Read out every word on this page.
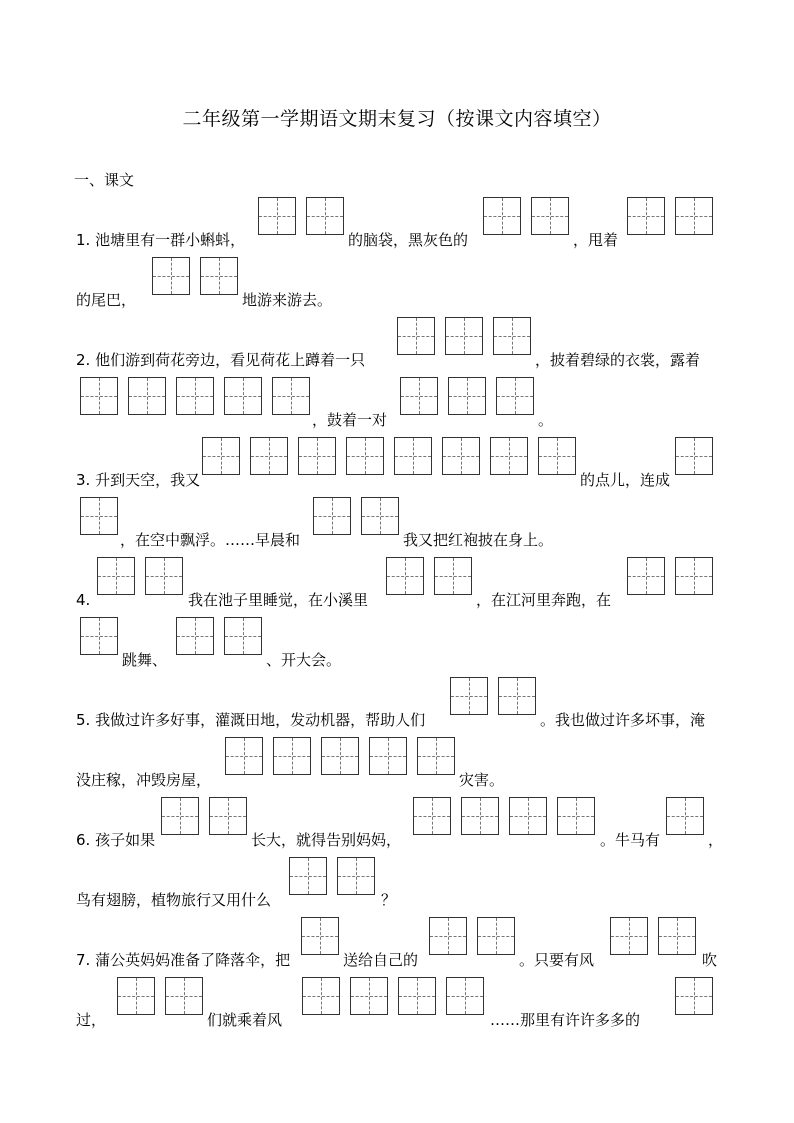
二年级第一学期语文期末复习（按课文内容填空）
一、课文
1. 池塘里有一群小蝌蚪，	的脑袋，黑灰色的	，甩着
的尾巴，	地游来游去。
2. 他们游到荷花旁边，看见荷花上蹲着一只	，披着碧绿的衣裳，露着
，鼓着一对	。
3. 升到天空，我又	的点儿，连成
，在空中飘浮。……早晨和	我又把红袍披在身上。
4.	我在池子里睡觉，在小溪里	，在江河里奔跑，在
跳舞、	、开大会。
5. 我做过许多好事，灌溉田地，发动机器，帮助人们	。我也做过许多坏事，淹
没庄稼，冲毁房屋，	灾害。
6. 孩子如果	长大，就得告别妈妈，	。牛马有	，
鸟有翅膀，植物旅行又用什么	？
7. 蒲公英妈妈准备了降落伞，把	送给自己的	。只要有风	吹
过，	们就乘着风	……那里有许许多多的
